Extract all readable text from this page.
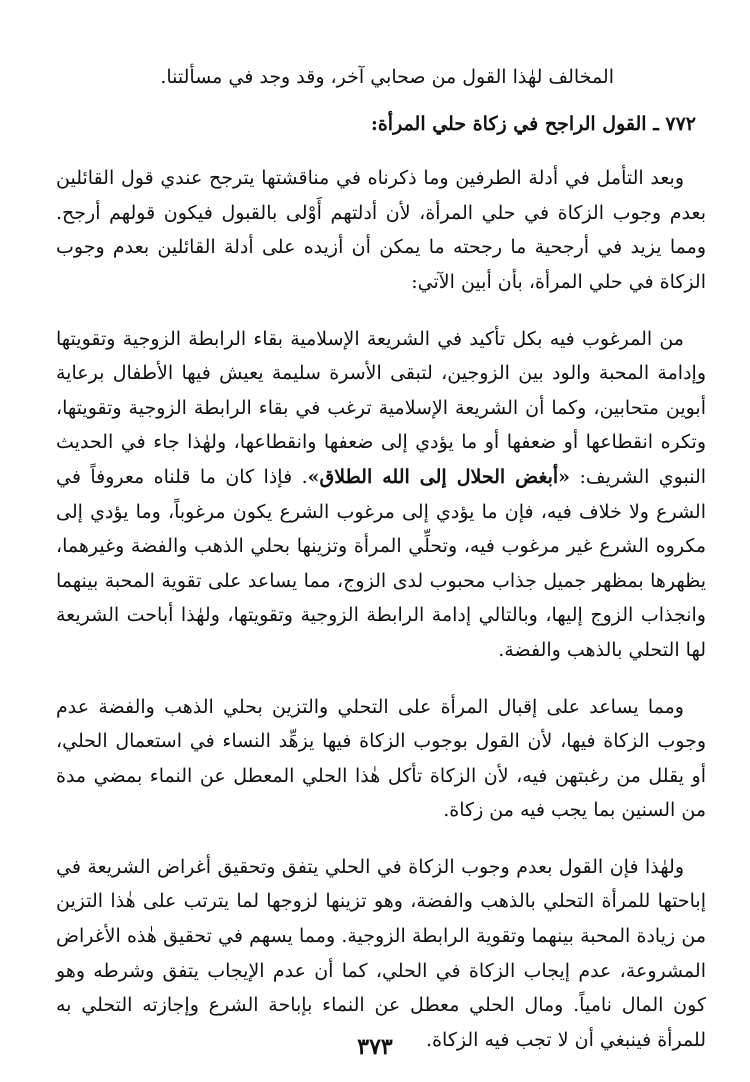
المخالف لهٰذا القول من صحابي آخر، وقد وجد في مسألتنا.

٧٧٢ ـ القول الراجح في زكاة حلي المرأة:

وبعد التأمل في أدلة الطرفين وما ذكرناه في مناقشتها يترجح عندي قول القائلين بعدم وجوب الزكاة في حلي المرأة، لأن أدلتهم أَوْلى بالقبول فيكون قولهم أرجح. ومما يزيد في أرجحية ما رجحته ما يمكن أن أزيده على أدلة القائلين بعدم وجوب الزكاة في حلي المرأة، بأن أبين الآتي:

من المرغوب فيه بكل تأكيد في الشريعة الإسلامية بقاء الرابطة الزوجية وتقويتها وإدامة المحبة والود بين الزوجين، لتبقى الأسرة سليمة يعيش فيها الأطفال برعاية أبوين متحابين، وكما أن الشريعة الإسلامية ترغب في بقاء الرابطة الزوجية وتقويتها، وتكره انقطاعها أو ضعفها أو ما يؤدي إلى ضعفها وانقطاعها، ولهٰذا جاء في الحديث النبوي الشريف: «أبغض الحلال إلى الله الطلاق». فإذا كان ما قلناه معروفاً في الشرع ولا خلاف فيه، فإن ما يؤدي إلى مرغوب الشرع يكون مرغوباً، وما يؤدي إلى مكروه الشرع غير مرغوب فيه، وتحلِّي المرأة وتزينها بحلي الذهب والفضة وغيرهما، يظهرها بمظهر جميل جذاب محبوب لدى الزوج، مما يساعد على تقوية المحبة بينهما وانجذاب الزوج إليها، وبالتالي إدامة الرابطة الزوجية وتقويتها، ولهٰذا أباحت الشريعة لها التحلي بالذهب والفضة.

ومما يساعد على إقبال المرأة على التحلي والتزين بحلي الذهب والفضة عدم وجوب الزكاة فيها، لأن القول بوجوب الزكاة فيها يزهِّد النساء في استعمال الحلي، أو يقلل من رغبتهن فيه، لأن الزكاة تأكل هٰذا الحلي المعطل عن النماء بمضي مدة من السنين بما يجب فيه من زكاة.

ولهٰذا فإن القول بعدم وجوب الزكاة في الحلي يتفق وتحقيق أغراض الشريعة في إباحتها للمرأة التحلي بالذهب والفضة، وهو تزينها لزوجها لما يترتب على هٰذا التزين من زيادة المحبة بينهما وتقوية الرابطة الزوجية. ومما يسهم في تحقيق هٰذه الأغراض المشروعة، عدم إيجاب الزكاة في الحلي، كما أن عدم الإيجاب يتفق وشرطه وهو كون المال نامياً. ومال الحلي معطل عن النماء بإباحة الشرع وإجازته التحلي به للمرأة فينبغي أن لا تجب فيه الزكاة.

٣٧٣
